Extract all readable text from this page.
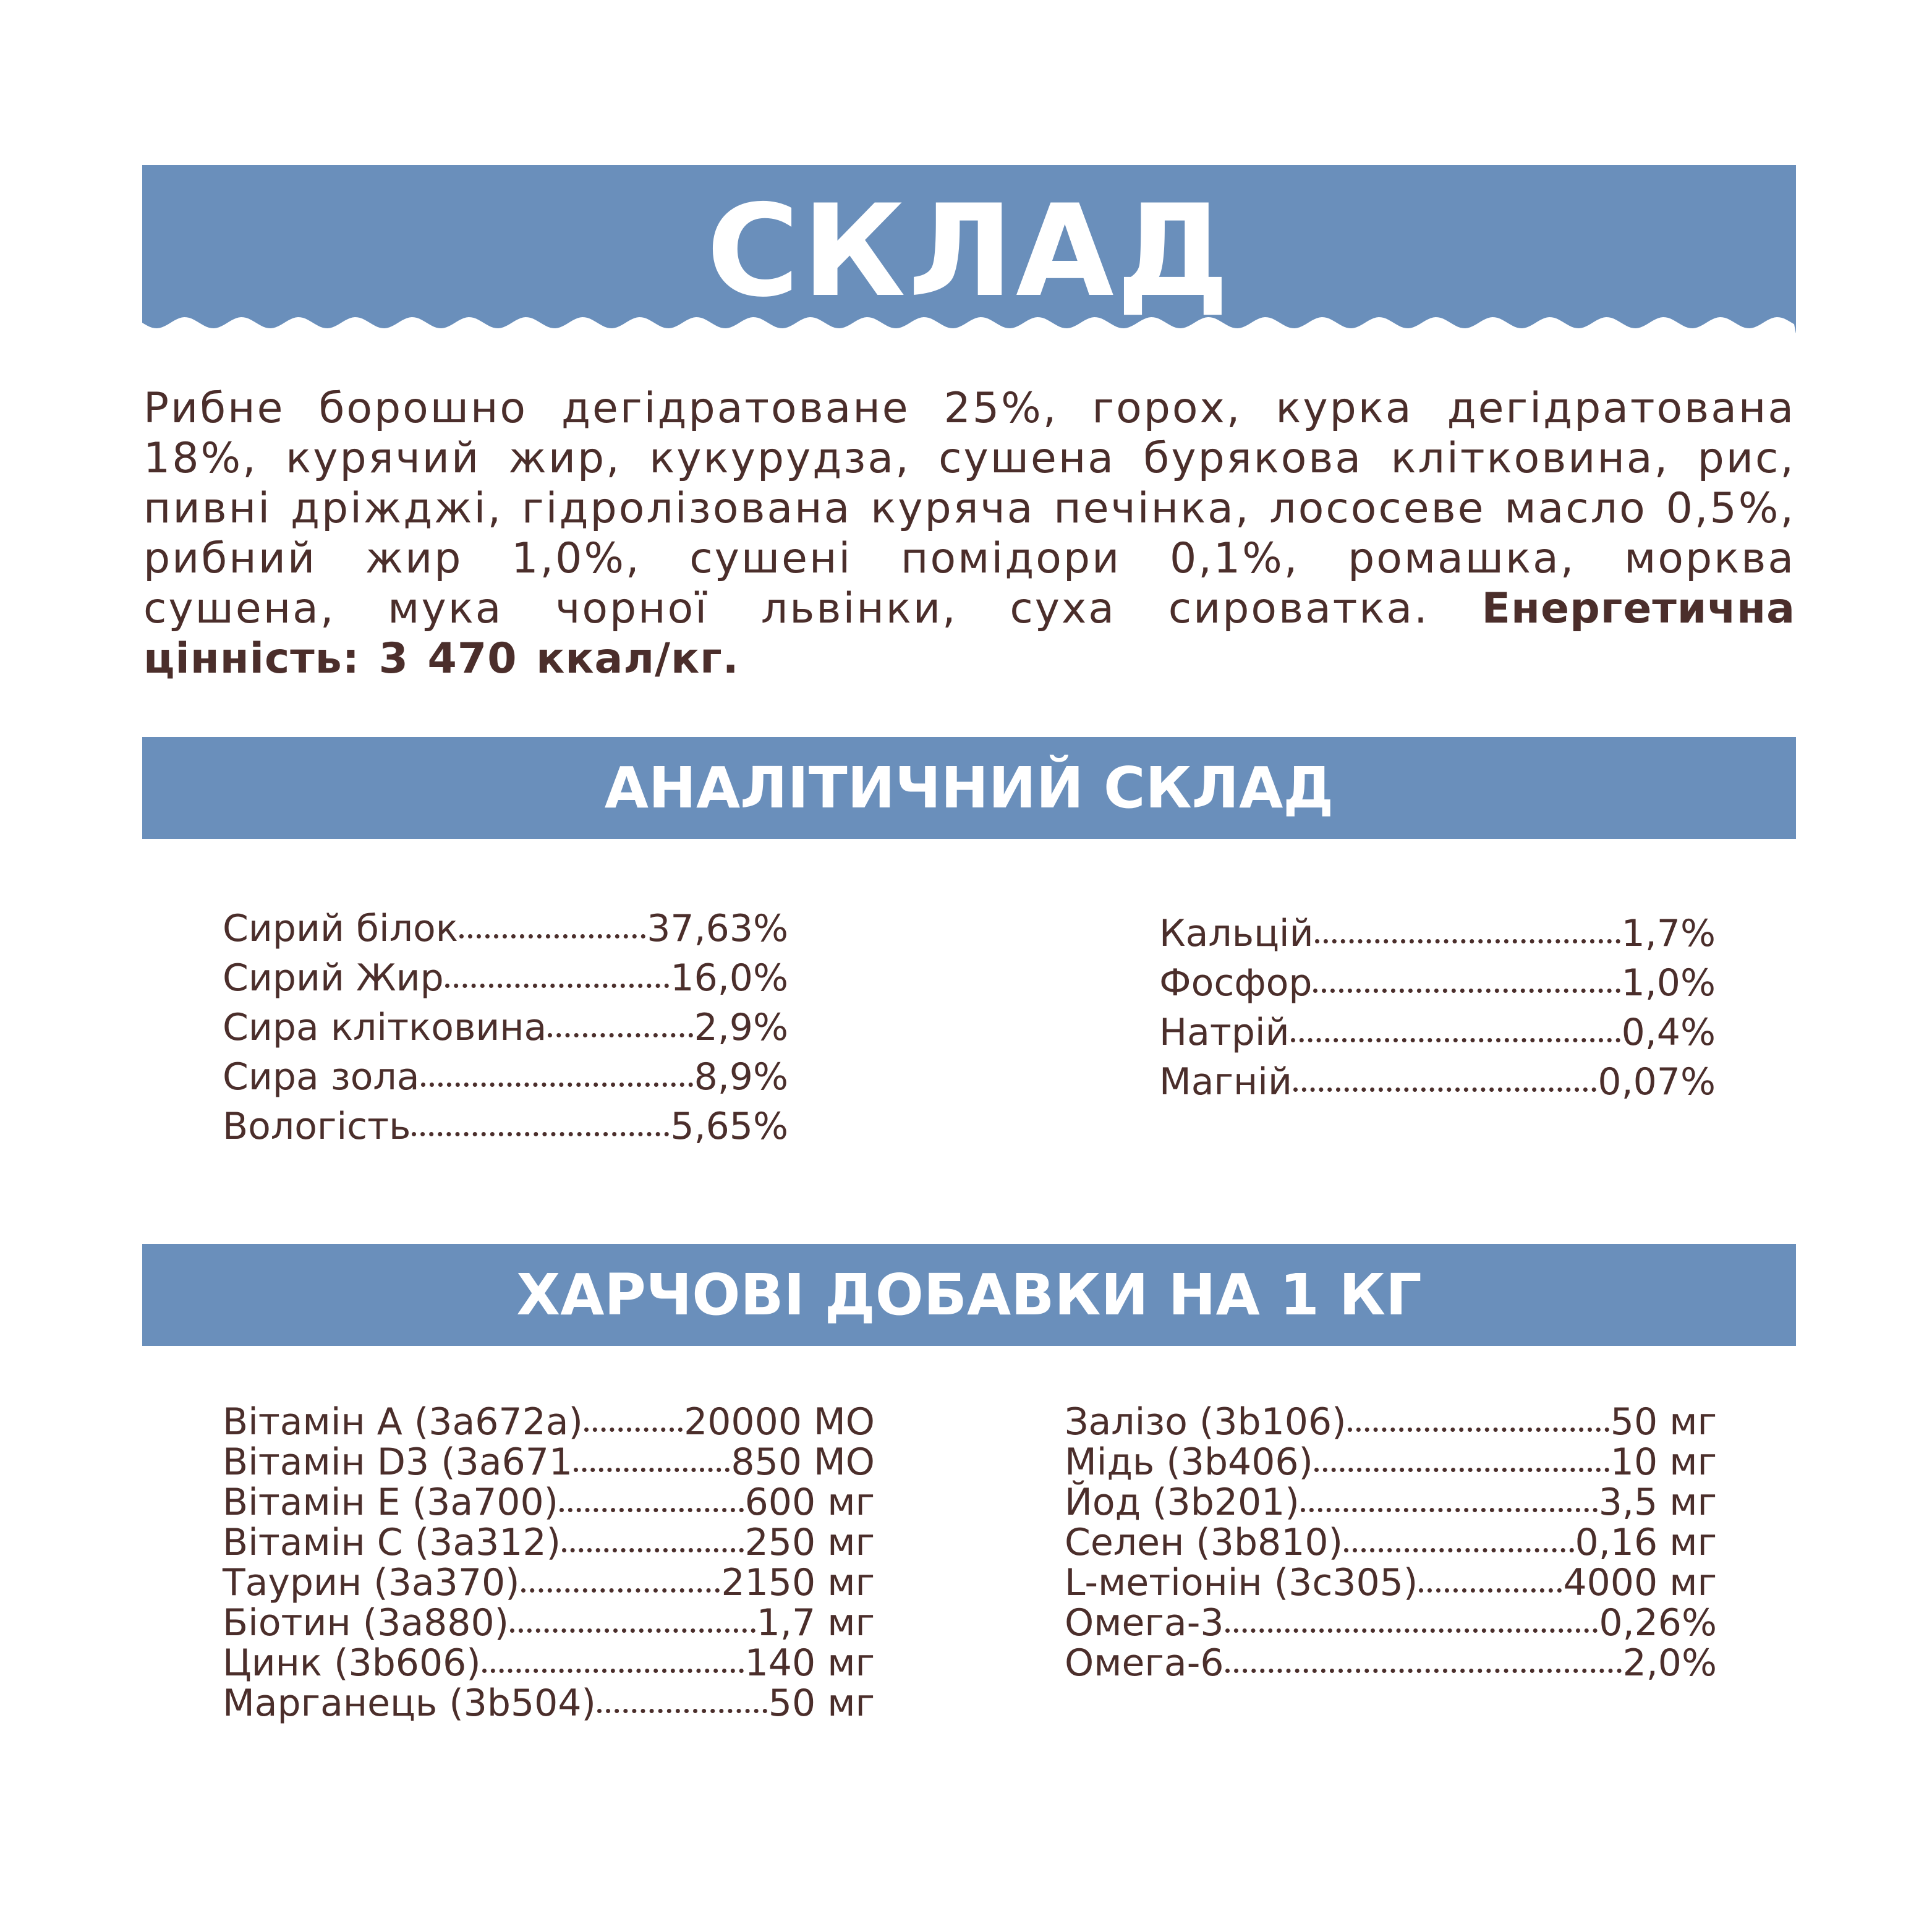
СКЛАД

Рибне борошно дегідратоване 25%, горох, курка дегідратована 18%, курячий жир, кукурудза, сушена бурякова клітковина, рис, пивні дріжджі, гідролізована куряча печінка, лососеве масло 0,5%, рибний жир 1,0%, сушені помідори 0,1%, ромашка, морква сушена, мука чорної львінки, суха сироватка. Енергетична цінність: 3 470 ккал/кг.

АНАЛІТИЧНИЙ СКЛАД
Сирий білок	37,63%
Сирий Жир	16,0%
Сира клітковина	2,9%
Сира зола	8,9%
Вологість	5,65%
Кальцій	1,7%
Фосфор	1,0%
Натрій	0,4%
Магній	0,07%
ХАРЧОВІ ДОБАВКИ НА 1 КГ
Вітамін А (3а672а)	20000 МО
Вітамін D3 (3а671	850 МО
Вітамін Е (3а700)	600 мг
Вітамін С (3а312)	250 мг
Таурин (3а370)	2150 мг
Біотин (3а880)	1,7 мг
Цинк (3b606)	140 мг
Марганець (3b504)	50 мг
Залізо (3b106)	50 мг
Мідь (3b406)	10 мг
Йод (3b201)	3,5 мг
Селен (3b810)	0,16 мг
L-метіонін (3c305)	4000 мг
Омега-3	0,26%
Омега-6	2,0%
